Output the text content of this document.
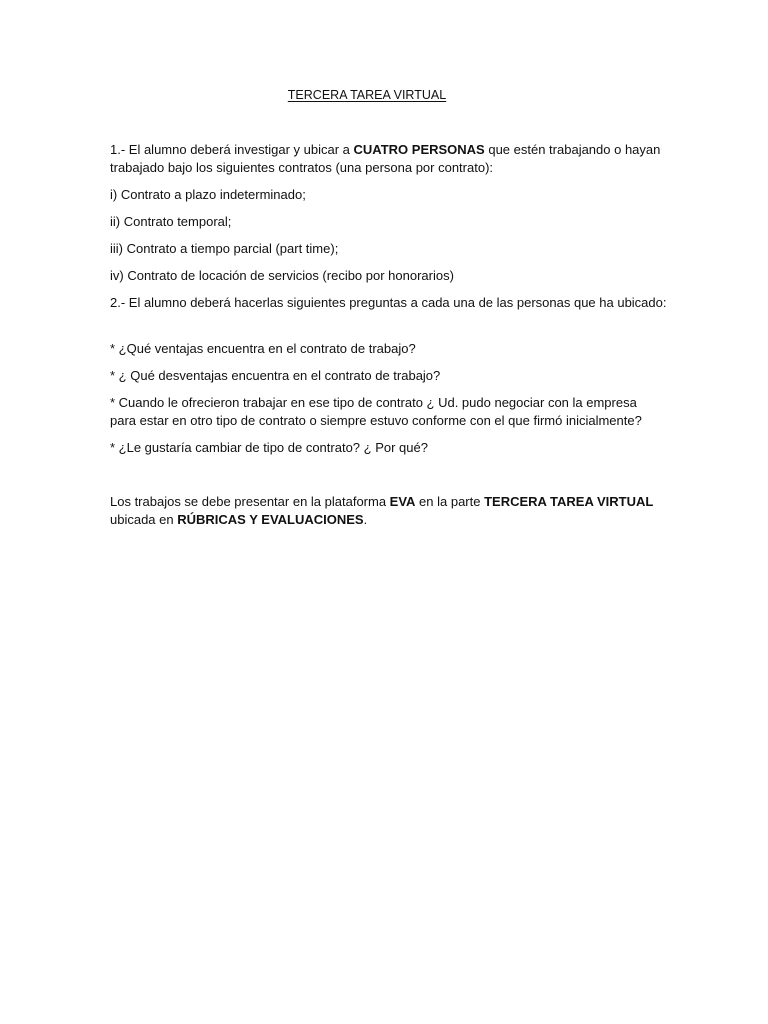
TERCERA TAREA VIRTUAL

1.- El alumno deberá investigar y ubicar a CUATRO PERSONAS que estén trabajando o hayan
trabajado bajo los siguientes contratos (una persona por contrato):

i) Contrato a plazo indeterminado;

ii) Contrato temporal;

iii) Contrato a tiempo parcial (part time);

iv) Contrato de locación de servicios (recibo por honorarios)

2.- El alumno deberá hacerlas siguientes preguntas a cada una de las personas que ha ubicado:

* ¿Qué ventajas encuentra en el contrato de trabajo?

* ¿ Qué desventajas encuentra en el contrato de trabajo?

* Cuando le ofrecieron trabajar en ese tipo de contrato ¿ Ud. pudo negociar con la empresa
para estar en otro tipo de contrato o siempre estuvo conforme con el que firmó inicialmente?

* ¿Le gustaría cambiar de tipo de contrato? ¿ Por qué?

Los trabajos se debe presentar en la plataforma EVA en la parte TERCERA TAREA VIRTUAL
ubicada en RÚBRICAS Y EVALUACIONES.
